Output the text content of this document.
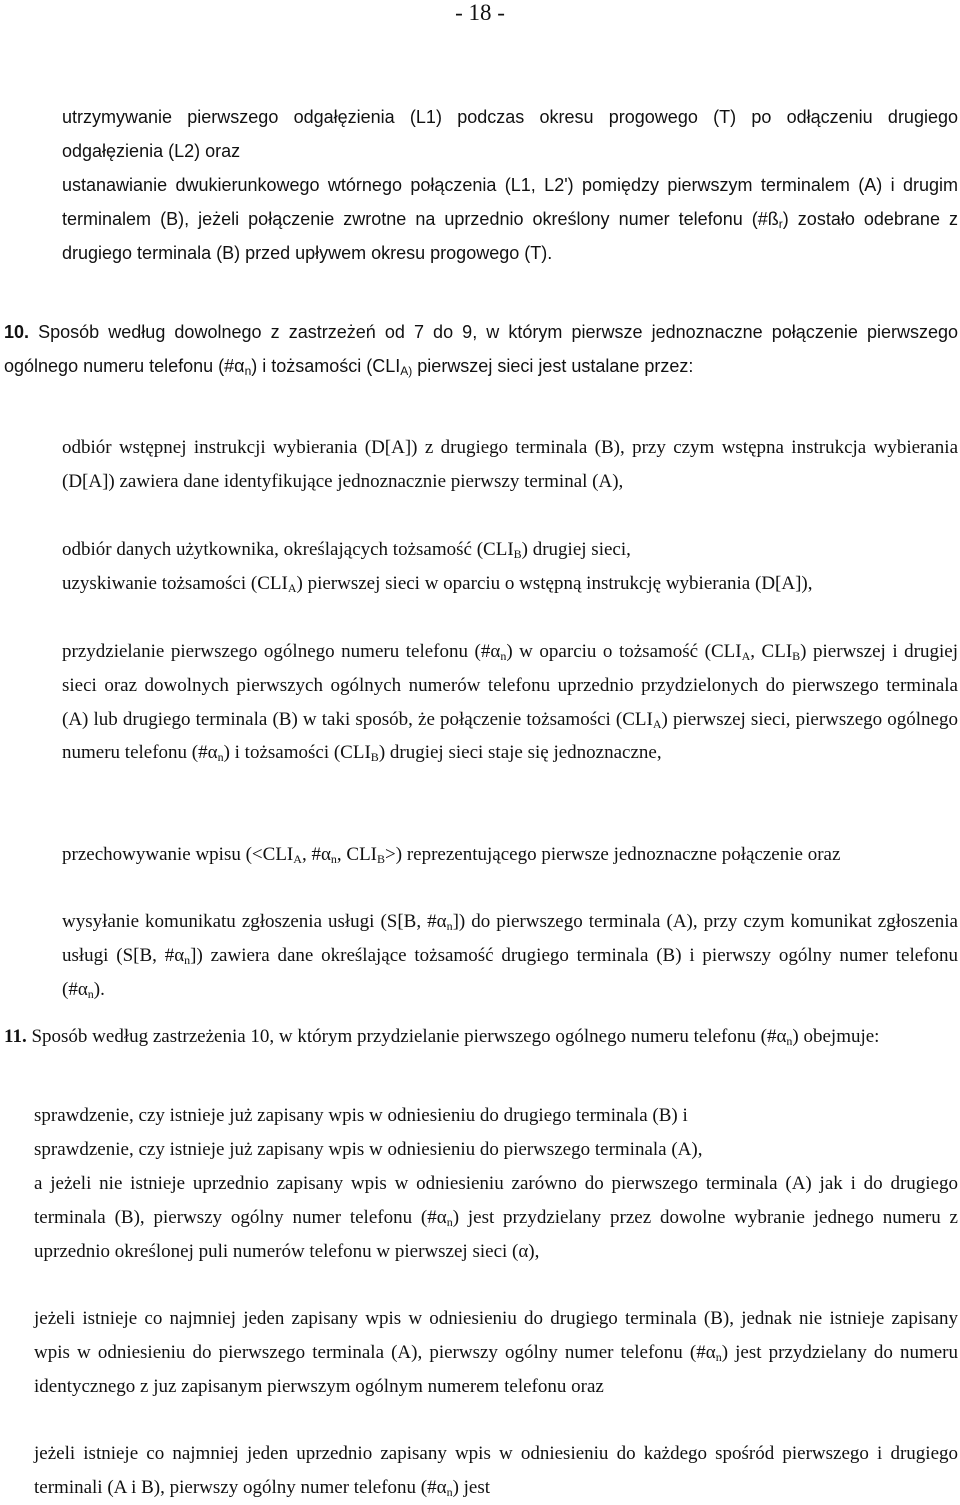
- 18 -

utrzymywanie pierwszego odgałęzienia (L1) podczas okresu progowego (T) po odłączeniu drugiego odgałęzienia (L2) oraz

ustanawianie dwukierunkowego wtórnego połączenia (L1, L2') pomiędzy pierwszym terminalem (A) i drugim terminalem (B), jeżeli połączenie zwrotne na uprzednio określony numer telefonu $(\#ß_r)$ zostało odebrane z drugiego terminala (B) przed upływem okresu progowego (T).

10. Sposób według dowolnego z zastrzeżeń od 7 do 9, w którym pierwsze jednoznaczne połączenie pierwszego ogólnego numeru telefonu $(\#\alpha_n)$ i tożsamości ($CLI_{A)}$ pierwszej sieci jest ustalane przez:

odbiór wstępnej instrukcji wybierania (D[A]) z drugiego terminala (B), przy czym wstępna instrukcja wybierania (D[A]) zawiera dane identyfikujące jednoznacznie pierwszy terminal (A),

odbiór danych użytkownika, określających tożsamość $(CLI_B)$ drugiej sieci,

uzyskiwanie tożsamości $(CLI_A)$ pierwszej sieci w oparciu o wstępną instrukcję wybierania (D[A]),

przydzielanie pierwszego ogólnego numeru telefonu $(\#\alpha_n)$ w oparciu o tożsamość ($CLI_A$, $CLI_B$) pierwszej i drugiej sieci oraz dowolnych pierwszych ogólnych numerów telefonu uprzednio przydzielonych do pierwszego terminala (A) lub drugiego terminala (B) w taki sposób, że połączenie tożsamości $(CLI_A)$ pierwszej sieci, pierwszego ogólnego numeru telefonu $(\#\alpha_n)$ i tożsamości $(CLI_B)$ drugiej sieci staje się jednoznaczne,

przechowywanie wpisu ($<CLI_A$, $\#\alpha_n$, $CLI_B>$) reprezentującego pierwsze jednoznaczne połączenie oraz

wysyłanie komunikatu zgłoszenia usługi (S[B, $\#\alpha_n$]) do pierwszego terminala (A), przy czym komunikat zgłoszenia usługi (S[B, $\#\alpha_n$]) zawiera dane określające tożsamość drugiego terminala (B) i pierwszy ogólny numer telefonu $(\#\alpha_n)$.

11. Sposób według zastrzeżenia 10, w którym przydzielanie pierwszego ogólnego numeru telefonu $(\#\alpha_n)$ obejmuje:

sprawdzenie, czy istnieje już zapisany wpis w odniesieniu do drugiego terminala (B) i

sprawdzenie, czy istnieje już zapisany wpis w odniesieniu do pierwszego terminala (A),

a jeżeli nie istnieje uprzednio zapisany wpis w odniesieniu zarówno do pierwszego terminala (A) jak i do drugiego terminala (B), pierwszy ogólny numer telefonu $(\#\alpha_n)$ jest przydzielany przez dowolne wybranie jednego numeru z uprzednio określonej puli numerów telefonu w pierwszej sieci (α),

jeżeli istnieje co najmniej jeden zapisany wpis w odniesieniu do drugiego terminala (B), jednak nie istnieje zapisany wpis w odniesieniu do pierwszego terminala (A), pierwszy ogólny numer telefonu $(\#\alpha_n)$ jest przydzielany do numeru identycznego z juz zapisanym pierwszym ogólnym numerem telefonu oraz

jeżeli istnieje co najmniej jeden uprzednio zapisany wpis w odniesieniu do każdego spośród pierwszego i drugiego terminali (A i B), pierwszy ogólny numer telefonu $(\#\alpha_n)$ jest
